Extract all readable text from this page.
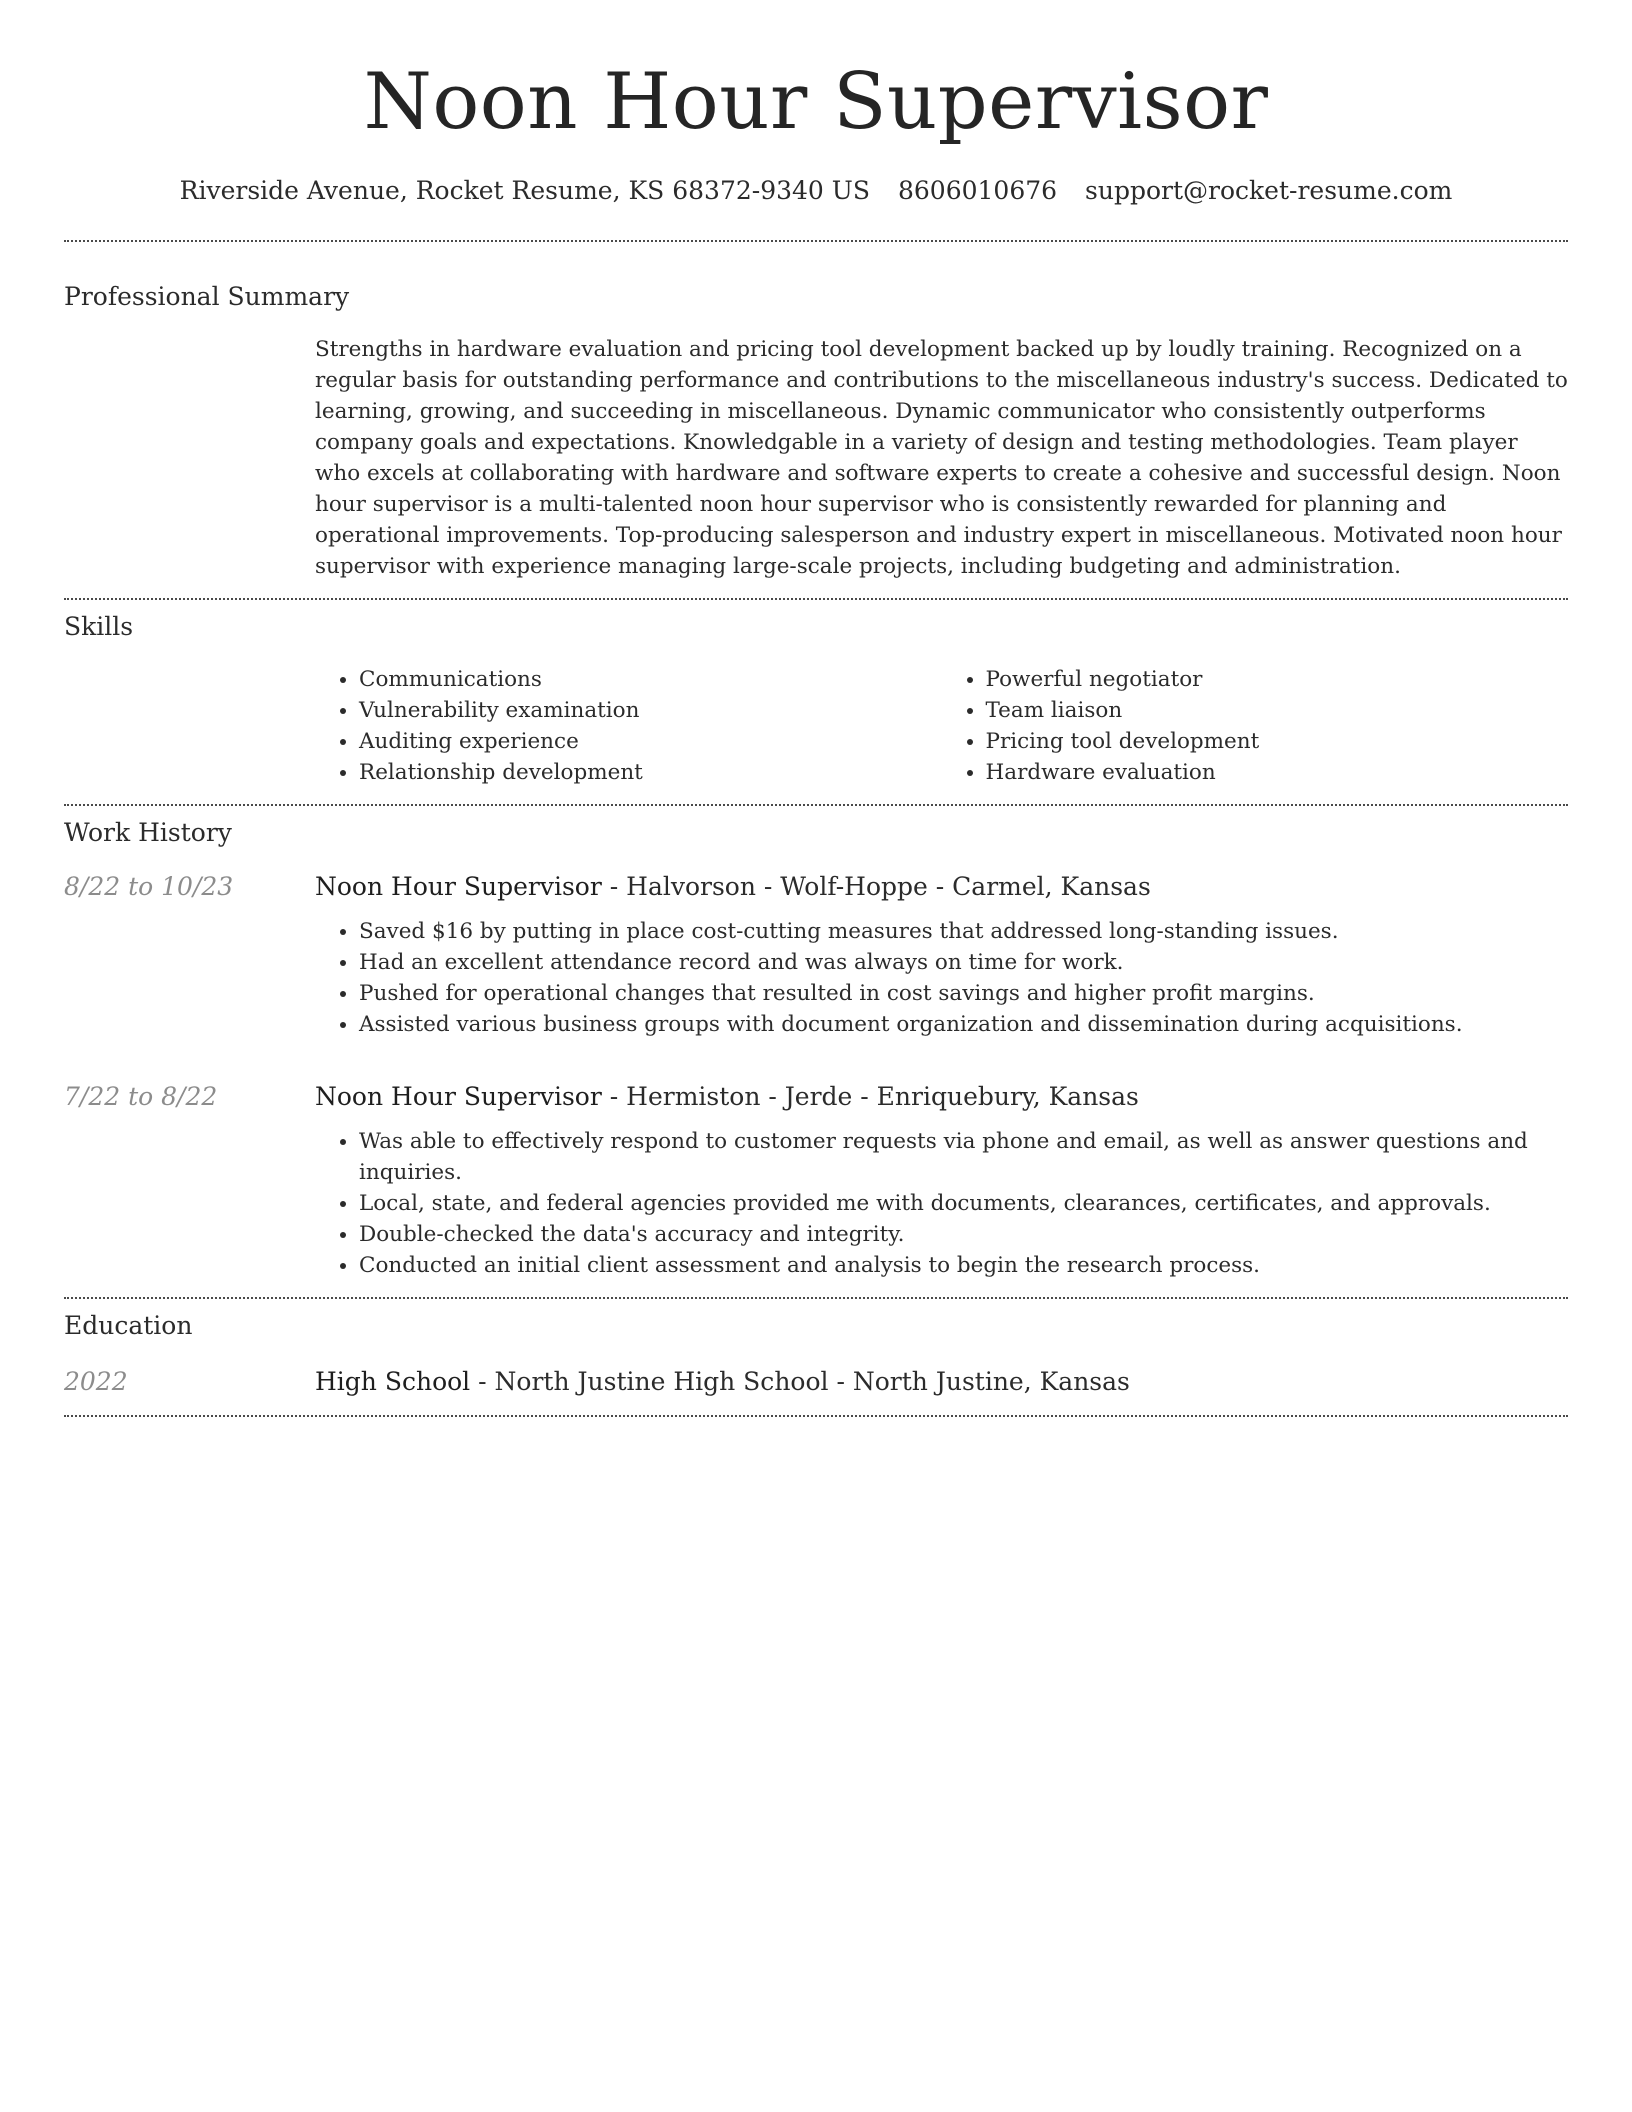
Noon Hour Supervisor
Riverside Avenue, Rocket Resume, KS 68372-9340 US 8606010676 support@rocket-resume.com
Professional Summary
Strengths in hardware evaluation and pricing tool development backed up by loudly training. Recognized on a regular basis for outstanding performance and contributions to the miscellaneous industry's success. Dedicated to learning, growing, and succeeding in miscellaneous. Dynamic communicator who consistently outperforms company goals and expectations. Knowledgable in a variety of design and testing methodologies. Team player who excels at collaborating with hardware and software experts to create a cohesive and successful design. Noon hour supervisor is a multi-talented noon hour supervisor who is consistently rewarded for planning and operational improvements. Top-producing salesperson and industry expert in miscellaneous. Motivated noon hour supervisor with experience managing large-scale projects, including budgeting and administration.
Skills
• Communications
• Vulnerability examination
• Auditing experience
• Relationship development
• Powerful negotiator
• Team liaison
• Pricing tool development
• Hardware evaluation
Work History
8/22 to 10/23	Noon Hour Supervisor - Halvorson - Wolf-Hoppe - Carmel, Kansas
• Saved $16 by putting in place cost-cutting measures that addressed long-standing issues.
• Had an excellent attendance record and was always on time for work.
• Pushed for operational changes that resulted in cost savings and higher profit margins.
• Assisted various business groups with document organization and dissemination during acquisitions.
7/22 to 8/22	Noon Hour Supervisor - Hermiston - Jerde - Enriquebury, Kansas
• Was able to effectively respond to customer requests via phone and email, as well as answer questions and inquiries.
• Local, state, and federal agencies provided me with documents, clearances, certificates, and approvals.
• Double-checked the data's accuracy and integrity.
• Conducted an initial client assessment and analysis to begin the research process.
Education
2022	High School - North Justine High School - North Justine, Kansas
